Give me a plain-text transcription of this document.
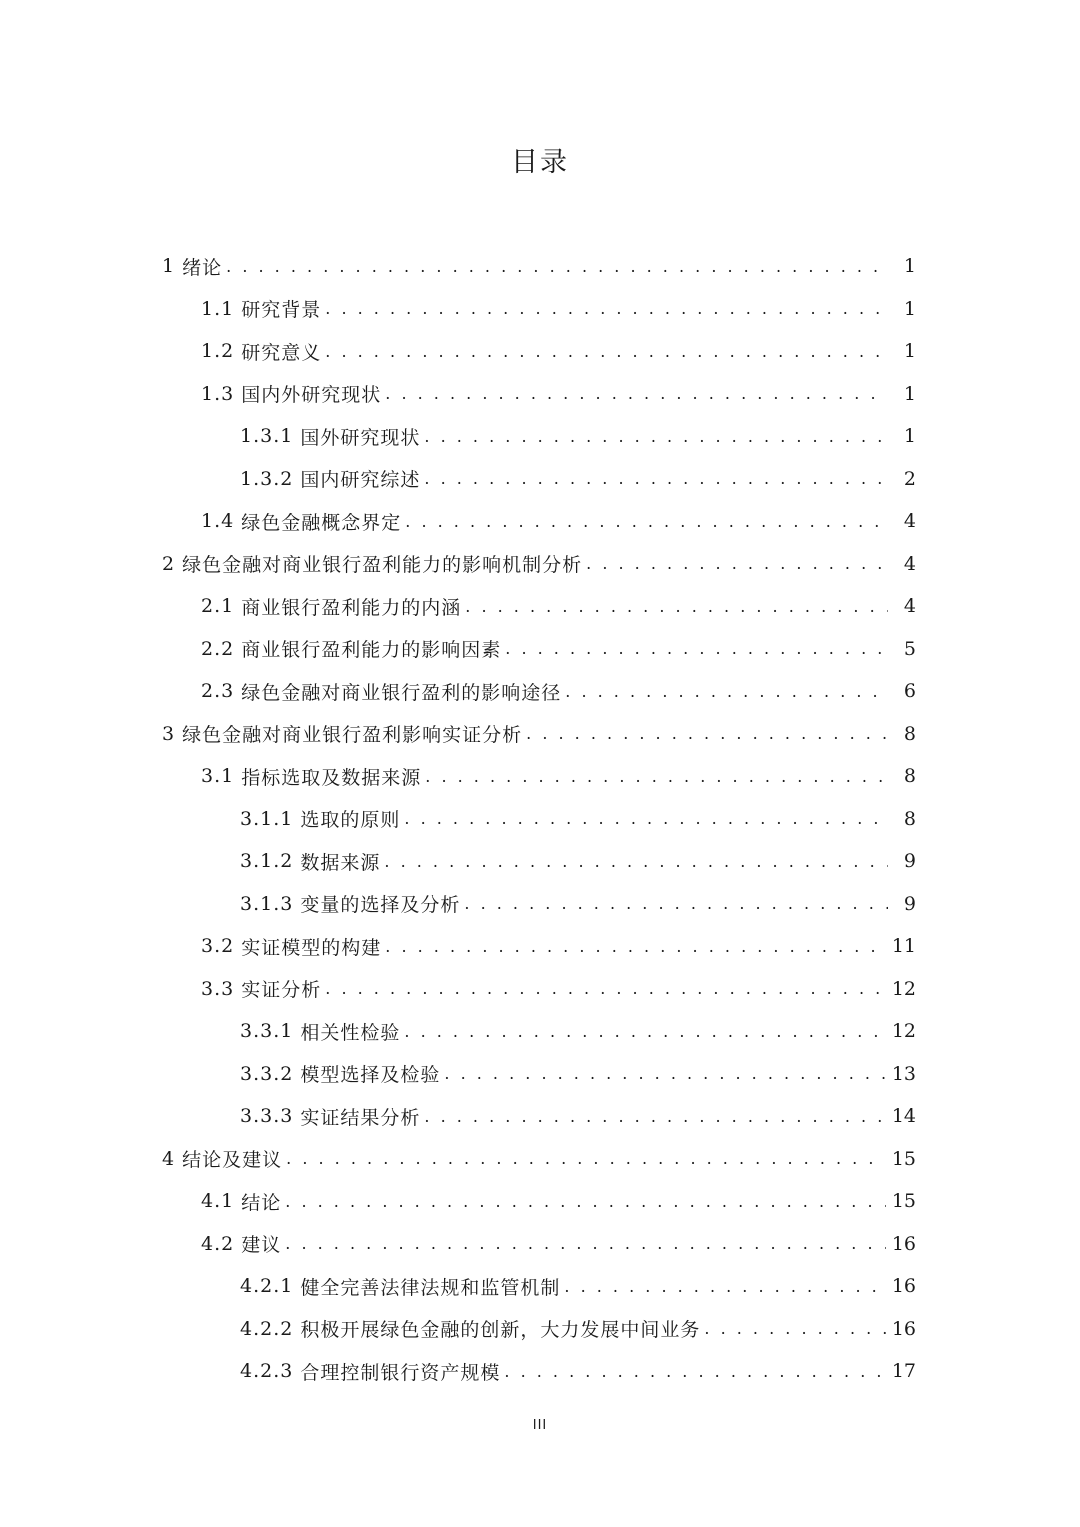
目录
1 绪论 . . .	1
1.1 研究背景 . . .	1
1.2 研究意义 . . .	1
1.3 国内外研究现状 . . .	1
1.3.1 国外研究现状 . . .	1
1.3.2 国内研究综述 . . .	2
1.4 绿色金融概念界定 . . .	4
2 绿色金融对商业银行盈利能力的影响机制分析 . . .	4
2.1 商业银行盈利能力的内涵 . . .	4
2.2 商业银行盈利能力的影响因素 . . .	5
2.3 绿色金融对商业银行盈利的影响途径 . . .	6
3 绿色金融对商业银行盈利影响实证分析 . . .	8
3.1 指标选取及数据来源 . . .	8
3.1.1 选取的原则 . . .	8
3.1.2 数据来源 . . .	9
3.1.3 变量的选择及分析 . . .	9
3.2 实证模型的构建 . . .	11
3.3 实证分析 . . .	12
3.3.1 相关性检验 . . .	12
3.3.2 模型选择及检验 . . .	13
3.3.3 实证结果分析 . . .	14
4 结论及建议 . . .	15
4.1 结论 . . .	15
4.2 建议 . . .	16
4.2.1 健全完善法律法规和监管机制 . . .	16
4.2.2 积极开展绿色金融的创新，大力发展中间业务 . . .	16
4.2.3 合理控制银行资产规模 . . .	17
III
